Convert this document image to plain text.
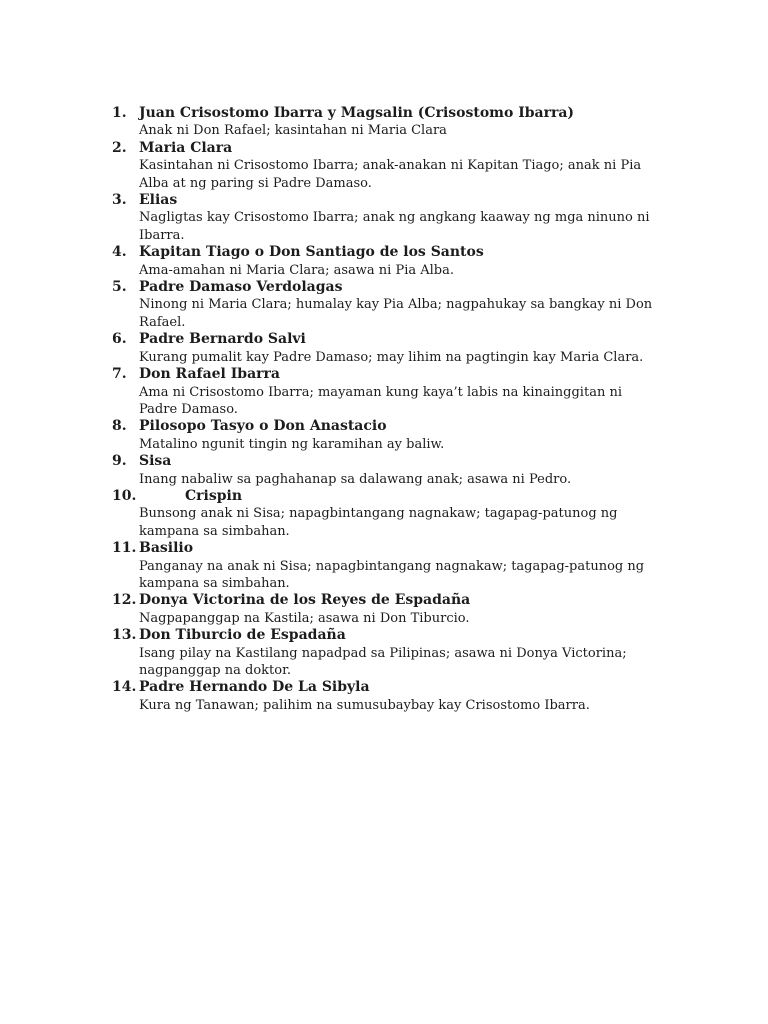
1. Juan Crisostomo Ibarra y Magsalin (Crisostomo Ibarra)
Anak ni Don Rafael; kasintahan ni Maria Clara
2. Maria Clara
Kasintahan ni Crisostomo Ibarra; anak-anakan ni Kapitan Tiago; anak ni Pia
Alba at ng paring si Padre Damaso.
3. Elias
Nagligtas kay Crisostomo Ibarra; anak ng angkang kaaway ng mga ninuno ni
Ibarra.
4. Kapitan Tiago o Don Santiago de los Santos
Ama-amahan ni Maria Clara; asawa ni Pia Alba.
5. Padre Damaso Verdolagas
Ninong ni Maria Clara; humalay kay Pia Alba; nagpahukay sa bangkay ni Don
Rafael.
6. Padre Bernardo Salvi
Kurang pumalit kay Padre Damaso; may lihim na pagtingin kay Maria Clara.
7. Don Rafael Ibarra
Ama ni Crisostomo Ibarra; mayaman kung kaya’t labis na kinainggitan ni
Padre Damaso.
8. Pilosopo Tasyo o Don Anastacio
Matalino ngunit tingin ng karamihan ay baliw.
9. Sisa
Inang nabaliw sa paghahanap sa dalawang anak; asawa ni Pedro.
10.	Crispin
Bunsong anak ni Sisa; napagbintangang nagnakaw; tagapag-patunog ng
kampana sa simbahan.
11. Basilio
Panganay na anak ni Sisa; napagbintangang nagnakaw; tagapag-patunog ng
kampana sa simbahan.
12. Donya Victorina de los Reyes de Espadaña
Nagpapanggap na Kastila; asawa ni Don Tiburcio.
13. Don Tiburcio de Espadaña
Isang pilay na Kastilang napadpad sa Pilipinas; asawa ni Donya Victorina;
nagpanggap na doktor.
14. Padre Hernando De La Sibyla
Kura ng Tanawan; palihim na sumusubaybay kay Crisostomo Ibarra.
